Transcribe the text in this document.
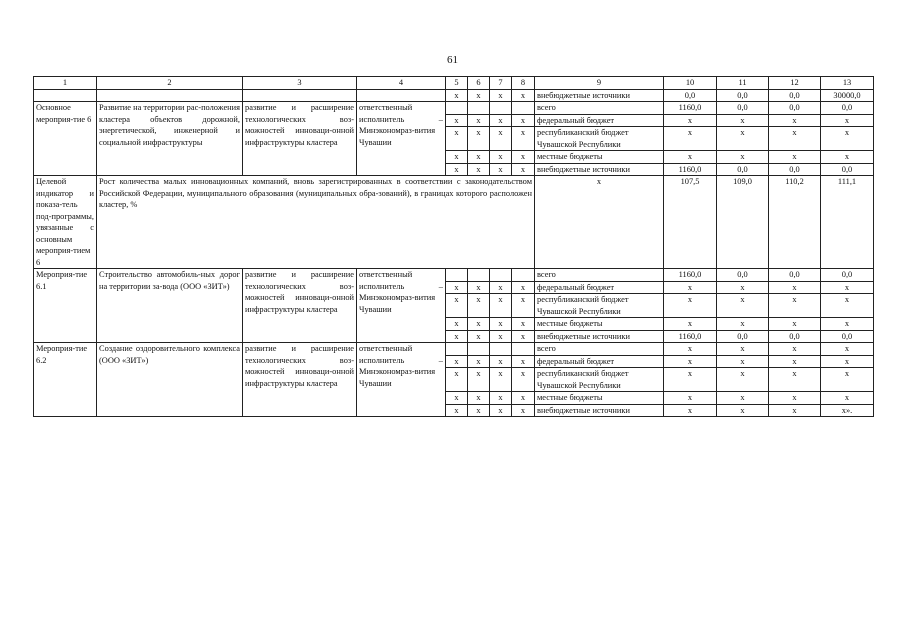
61
1	2	3	4	5	6	7	8	9	10	11	12	13
				x	x	x	x	внебюджетные источники	0,0	0,0	0,0	30000,0
Основное мероприя-тие 6	Развитие на территории рас-положения кластера объектов дорожной, энергетической, инженерной и социальной инфраструктуры	развитие и расширение технологических воз-можностей инноваци-онной инфраструктуры кластера	ответственный исполнитель – Минэкономраз-вития Чувашии					всего	1160,0	0,0	0,0	0,0
				x	x	x	x	федеральный бюджет	x	x	x	x
				x	x	x	x	республиканский бюджет Чувашской Республики	x	x	x	x
				x	x	x	x	местные бюджеты	x	x	x	x
				x	x	x	x	внебюджетные источники	1160,0	0,0	0,0	0,0
Целевой индикатор и показа-тель под-программы, увязанные с основным мероприя-тием 6	Рост количества малых инновационных компаний, вновь зарегистрированных в соответствии с законодательством Российской Федерации, муниципального образования (муниципальных обра-зований), в границах которого расположен кластер, %							x	107,5	109,0	110,2	111,1
Мероприя-тие 6.1	Строительство автомобиль-ных дорог на территории за-вода (ООО «ЗИТ»)	развитие и расширение технологических воз-можностей инноваци-онной инфраструктуры кластера	ответственный исполнитель – Минэкономраз-вития Чувашии					всего	1160,0	0,0	0,0	0,0
				x	x	x	x	федеральный бюджет	x	x	x	x
				x	x	x	x	республиканский бюджет Чувашской Республики	x	x	x	x
				x	x	x	x	местные бюджеты	x	x	x	x
				x	x	x	x	внебюджетные источники	1160,0	0,0	0,0	0,0
Мероприя-тие 6.2	Создание оздоровительного комплекса (ООО «ЗИТ»)	развитие и расширение технологических воз-можностей инноваци-онной инфраструктуры кластера	ответственный исполнитель – Минэкономраз-вития Чувашии					всего	x	x	x	x
				x	x	x	x	федеральный бюджет	x	x	x	x
				x	x	x	x	республиканский бюджет Чувашской Республики	x	x	x	x
				x	x	x	x	местные бюджеты	x	x	x	x
				x	x	x	x	внебюджетные источники	x	x	x	x».
